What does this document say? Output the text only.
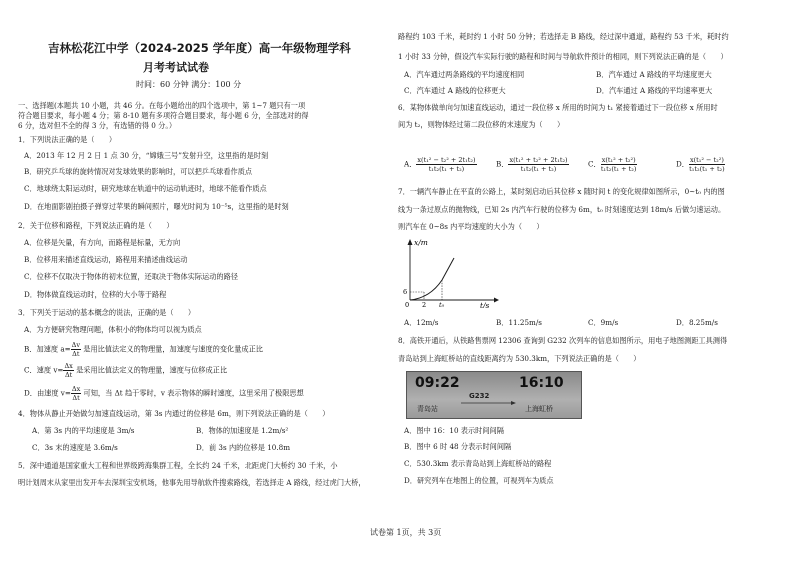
吉林松花江中学（2024-2025 学年度）高一年级物理学科
月考考试试卷
时间：60 分钟 满分：100 分
一、选择题(本题共 10 小题，共 46 分。在每小题给出的四个选项中，第 1~7 题只有一项
符合题目要求，每小题 4 分；第 8-10 题有多项符合题目要求，每小题 6 分，全部选对的得
6 分，选对但不全的得 3 分，有选错的得 0 分。）
1．下列说法正确的是（　　）
A．2013 年 12 月 2 日 1 点 30 分，“嫦娥三号”发射升空，这里指的是时刻
B．研究乒乓球的旋转情况对发球效果的影响时，可以把乒乓球看作质点
C．地球绕太阳运动时，研究地球在轨道中的运动轨迹时，地球不能看作质点
D．在地面影剧拍摄子弹穿过苹果的瞬间照片，曝光时间为 10⁻⁵s，这里指的是时刻
2．关于位移和路程，下列说法正确的是（　　）
A．位移是矢量，有方向，而路程是标量，无方向
B．位移用来描述直线运动，路程用来描述曲线运动
C．位移不仅取决于物体的初末位置，还取决于物体实际运动的路径
D．物体做直线运动时，位移的大小等于路程
3．下列关于运动的基本概念的说法，正确的是（　　）
A．为方便研究物理问题，体积小的物体均可以视为质点
B．加速度 $a= \frac{\Delta v}{\Delta t}$ 是用比值法定义的物理量，加速度与速度的变化量成正比
C．速度 $v= \frac{\Delta x}{\Delta t}$ 是采用比值法定义的物理量，速度与位移成正比
D．由速度 $v= \frac{\Delta x}{\Delta t}$ 可知，当 Δt 趋于零时，v 表示物体的瞬时速度，这里采用了极限思想
4．物体从静止开始做匀加速直线运动，第 3s 内通过的位移是 6m，则下列说法正确的是（　　）
A．第 3s 内的平均速度是 3m/s	B．物体的加速度是 1.2m/s²
C．3s 末的速度是 3.6m/s	D．前 3s 内的位移是 10.8m
5．深中通道是国家重大工程和世界级跨海集群工程，全长约 24 千米，北距虎门大桥约 30 千米，小
明计划周末从家里出发开车去深圳宝安机场，他事先用导航软件搜索路线，若选择走 A 路线，经过虎门大桥，
路程约 103 千米，耗时约 1 小时 50 分钟；若选择走 B 路线，经过深中通道，路程约 53 千米，耗时约
1 小时 33 分钟，假设汽车实际行驶的路程和时间与导航软件预计的相同，则下列说法正确的是（　　）
A．汽车通过两条路线的平均速度相同	B．汽车通过 A 路线的平均速度更大
C．汽车通过 A 路线的位移更大	D．汽车通过 A 路线的平均速率更大
6．某物体做单向匀加速直线运动，通过一段位移 x 所用的时间为 t₁ 紧接着通过下一段位移 x 所用时
间为 t₂，则物体经过第二段位移的末速度为（　　）
A． $\frac{\text{x(t₁² − t₂² + 2t₁t₂)}}{\text{t₁t₂(t₁ + t₂)}}$	B． $\frac{\text{x(t₁² + t₂² + 2t₁t₂)}}{\text{t₁t₂(t₁ + t₂)}}$	C． $\frac{\text{x(t₁² + t₂²)}}{\text{t₁t₂(t₁ + t₂)}}$	D． $\frac{\text{x(t₁² − t₂²)}}{\text{t₁t₂(t₁ + t₂)}}$
7．一辆汽车静止在平直的公路上，某时刻启动后其位移 x 随时间 t 的变化规律如图所示，0~t₀ 内的图
线为一条过原点的抛物线，已知 2s 内汽车行驶的位移为 6m，t₀ 时刻速度达到 18m/s 后做匀速运动。
则汽车在 0~8s 内平均速度的大小为（　　）
x/m
6
0 2 t₀	t/s
A．12m/s	B．11.25m/s	C．9m/s	D．8.25m/s
8．高铁开通后，从铁路售票网 12306 查询到 G232 次列车的信息如图所示，用电子地图测距工具测得
青岛站到上海虹桥站的直线距离约为 530.3km，下列说法正确的是（　　）
09:22	16:10
G232
青岛站	上海虹桥
A．图中 16：10 表示时间间隔
B．图中 6 时 48 分表示时间间隔
C．530.3km 表示青岛站到上海虹桥站的路程
D．研究列车在地图上的位置，可视列车为质点
试卷第 1页，共 3页
